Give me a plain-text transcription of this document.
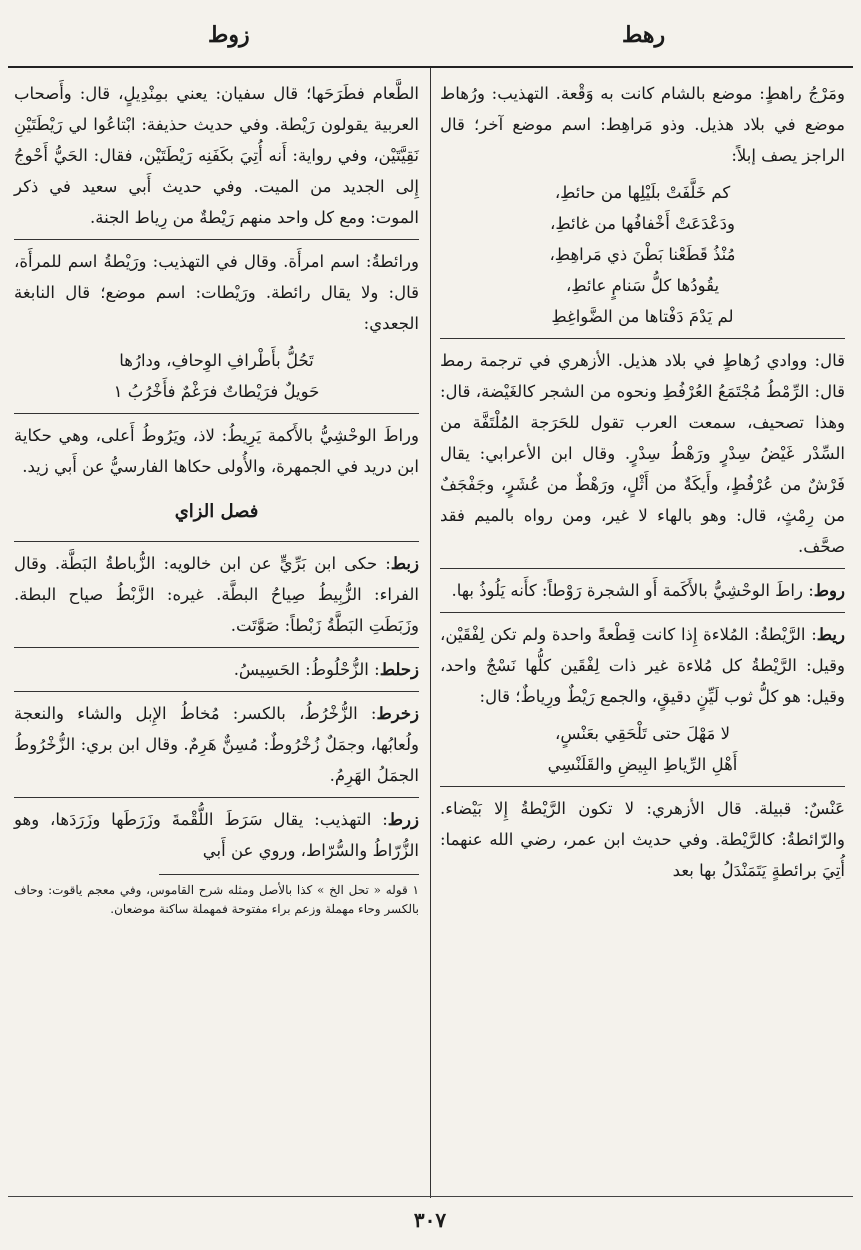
رهط
زوط

ومَرْجُ راهطٍ: موضع بالشام كانت به وَقْعة. التهذيب: ورُهاط موضع في بلاد هذيل. وذو مَراهِط: اسم موضع آخر؛ قال الراجز يصف إبلاً:

كم خَلَّفَتْ بلَيْلِها من حائطِ،
ودَعْدَعَتْ أَخْفافُها من غائطِ،
مُنْذُ قَطَعْنا بَطْنَ ذي مَراهِطِ،
يقُودُها كلُّ سَنامٍ عائطِ،
لم يَدْمَ دَفْتاها من الضَّواغِطِ

قال: ووادي رُهاطٍ في بلاد هذيل. الأزهري في ترجمة رمط قال: الرِّمْطُ مُجْتَمَعُ العُرْفُطِ ونحوه من الشجر كالغَيْضة، قال: وهذا تصحيف، سمعت العرب تقول للحَرَجة المُلْتَفَّة من السِّدْر غَيْضُ سِدْرٍ ورَهْطُ سِدْرٍ. وقال ابن الأعرابي: يقال فَرْشٌ من عُرْفُطٍ، وأَيكَةٌ من أَثْلٍ، ورَهْطٌ من عُشَرٍ، وجَفْجَفٌ من رِمْثٍ، قال: وهو بالهاء لا غير، ومن رواه بالميم فقد صحَّف.

روط: راطَ الوحْشِيُّ بالأَكَمة أَو الشجرة رَوْطاً: كأَنه يَلُوذُ بها.

ريط: الرَّيْطةُ: المُلاءة إِذا كانت قِطْعةً واحدة ولم تكن لِفْقَيْن، وقيل: الرَّيْطةُ كل مُلاءة غير ذات لِفْقَين كلُّها نَسْجٌ واحد، وقيل: هو كلُّ ثوب لَيِّنٍ دقيقٍ، والجمع رَيْطٌ ورِياطٌ؛ قال:

لا مَهْلَ حتى تَلْحَقِي بعَنْسٍ،
أَهْلِ الرِّياطِ البِيضِ والقَلَنْسِي

عَنْسٌ: قبيلة. قال الأزهري: لا تكون الرَّيْطةُ إِلا بَيْضاء. والرّائطةُ: كالرَّيْطة. وفي حديث ابن عمر، رضي الله عنهما: أُتِيَ برائطةٍ يَتَمَنْدَلُ بها بعد

الطَّعام فطَرَحَها؛ قال سفيان: يعني بمِنْدِيلٍ، قال: وأَصحاب العربية يقولون رَيْطة. وفي حديث حذيفة: ابْتاعُوا لي رَيْطَتَيْنِ نَقِيَّتَيْن، وفي رواية: أَنه أُتِيَ بكَفَنِه رَيْطَتَيْن، فقال: الحَيُّ أَحْوجُ إِلى الجديد من الميت. وفي حديث أَبي سعيد في ذكر الموت: ومع كل واحد منهم رَيْطةٌ من رِياط الجنة.

ورائطةُ: اسم امرأَة. وقال في التهذيب: ورَيْطةُ اسم للمرأَة، قال: ولا يقال رائطة. ورَيْطات: اسم موضع؛ قال النابغة الجعدي:

تَحُلُّ بأَطْرافِ الوِحافِ، ودارُها
حَويلٌ فرَيْطاتٌ فرَغْمٌ فأَخْرُبُ ١

وراطَ الوحْشِيُّ بالأَكمة يَرِيطُ: لاذ، ويَرُوطُ أَعلى، وهي حكاية ابن دريد في الجمهرة، والأُولى حكاها الفارسيُّ عن أَبي زيد.

فصل الزاي

زبط: حكى ابن بَرِّيٍّ عن ابن خالويه: الزُّباطةُ البَطَّة. وقال الفراء: الزُّبِيطُ صِياحُ البطَّة. غيره: الزَّبْطُ صياح البطة. وزَبَطَتِ البَطَّةُ زَبْطاً: صَوَّتَت.

زحلط: الزُّحْلُوطُ: الحَسِيسُ.

زخرط: الزُّخْرُطُ، بالكسر: مُخاطُ الإِبل والشاء والنعجة ولُعابُها، وجمَلٌ زُخْرُوطٌ: مُسِنٌّ هَرِمٌ. وقال ابن بري: الزُّخْرُوطُ الجمَلُ الهَرِمُ.

زرط: التهذيب: يقال سَرَطَ اللُّقْمةَ وزَرَطَها وزَرَدَها، وهو الزُّرّاطُ والسُّرّاط، وروي عن أَبي

١ قوله « تحل الخ » كذا بالأصل ومثله شرح القاموس، وفي معجم ياقوت: وحاف بالكسر وحاء مهملة وزعم براء مفتوحة فمهملة ساكنة موضعان.

٣٠٧
